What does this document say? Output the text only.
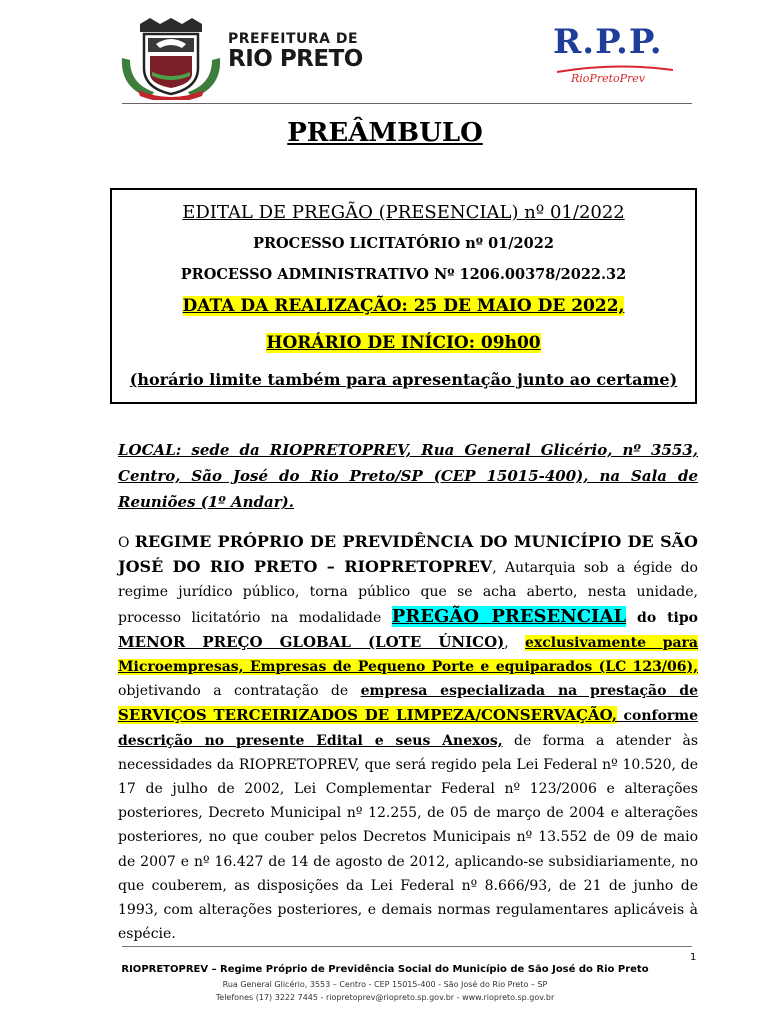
PREFEITURA DE
RIO PRETO	R.P.P.
RioPretoPrev
PREÂMBULO
EDITAL DE PREGÃO (PRESENCIAL) nº 01/2022
PROCESSO LICITATÓRIO nº 01/2022
PROCESSO ADMINISTRATIVO Nº 1206.00378/2022.32
DATA DA REALIZAÇÃO: 25 DE MAIO DE 2022,
HORÁRIO DE INÍCIO: 09h00
(horário limite também para apresentação junto ao certame)
LOCAL: sede da RIOPRETOPREV, Rua General Glicério, nº 3553, Centro, São José do Rio Preto/SP (CEP 15015-400), na Sala de Reuniões (1º Andar).
O REGIME PRÓPRIO DE PREVIDÊNCIA DO MUNICÍPIO DE SÃO JOSÉ DO RIO PRETO – RIOPRETOPREV, Autarquia sob a égide do regime jurídico público, torna público que se acha aberto, nesta unidade, processo licitatório na modalidade PREGÃO PRESENCIAL do tipo MENOR PREÇO GLOBAL (LOTE ÚNICO), exclusivamente para Microempresas, Empresas de Pequeno Porte e equiparados (LC 123/06), objetivando a contratação de empresa especializada na prestação de SERVIÇOS TERCEIRIZADOS DE LIMPEZA/CONSERVAÇÃO, conforme descrição no presente Edital e seus Anexos, de forma a atender às necessidades da RIOPRETOPREV, que será regido pela Lei Federal nº 10.520, de 17 de julho de 2002, Lei Complementar Federal nº 123/2006 e alterações posteriores, Decreto Municipal nº 12.255, de 05 de março de 2004 e alterações posteriores, no que couber pelos Decretos Municipais nº 13.552 de 09 de maio de 2007 e nº 16.427 de 14 de agosto de 2012, aplicando-se subsidiariamente, no que couberem, as disposições da Lei Federal nº 8.666/93, de 21 de junho de 1993, com alterações posteriores, e demais normas regulamentares aplicáveis à espécie.
1
RIOPRETOPREV – Regime Próprio de Previdência Social do Município de São José do Rio Preto
Rua General Glicério, 3553 – Centro - CEP 15015-400 - São José do Rio Preto – SP
Telefones (17) 3222 7445 - riopretoprev@riopreto.sp.gov.br - www.riopreto.sp.gov.br
